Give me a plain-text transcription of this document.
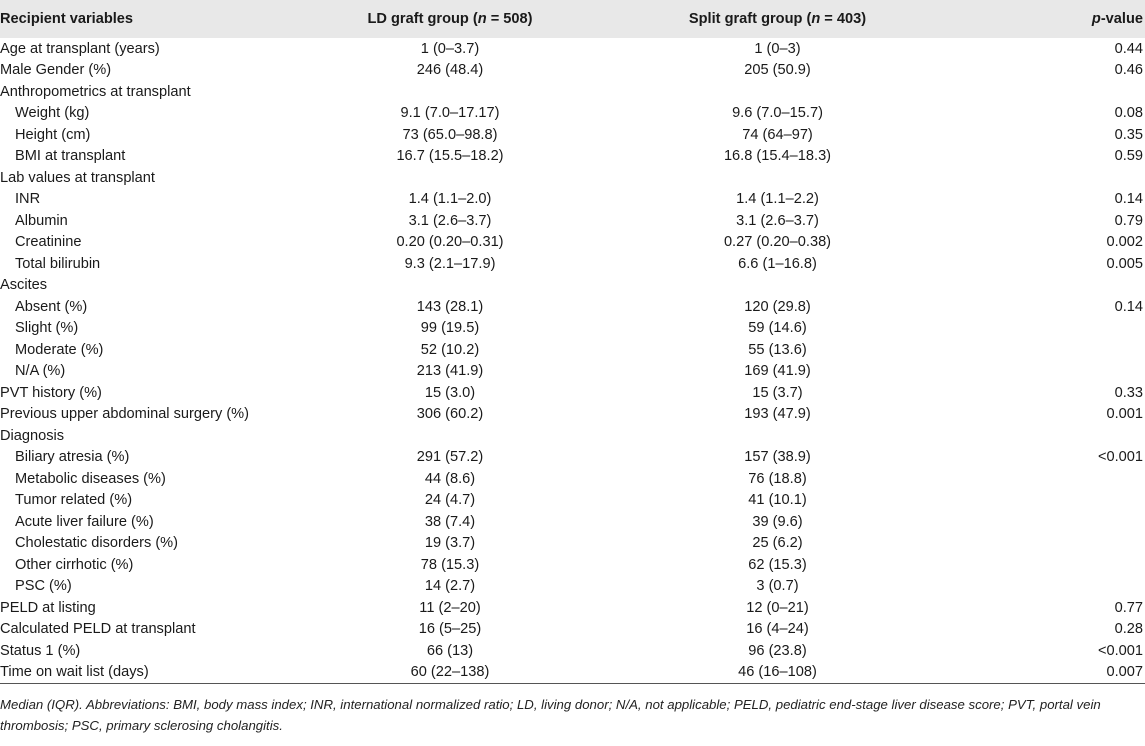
Recipient variables	LD graft group (n = 508)	Split graft group (n = 403)	p-value
Age at transplant (years)	1 (0–3.7)	1 (0–3)	0.44
Male Gender (%)	246 (48.4)	205 (50.9)	0.46
Anthropometrics at transplant			
Weight (kg)	9.1 (7.0–17.17)	9.6 (7.0–15.7)	0.08
Height (cm)	73 (65.0–98.8)	74 (64–97)	0.35
BMI at transplant	16.7 (15.5–18.2)	16.8 (15.4–18.3)	0.59
Lab values at transplant			
INR	1.4 (1.1–2.0)	1.4 (1.1–2.2)	0.14
Albumin	3.1 (2.6–3.7)	3.1 (2.6–3.7)	0.79
Creatinine	0.20 (0.20–0.31)	0.27 (0.20–0.38)	0.002
Total bilirubin	9.3 (2.1–17.9)	6.6 (1–16.8)	0.005
Ascites			
Absent (%)	143 (28.1)	120 (29.8)	0.14
Slight (%)	99 (19.5)	59 (14.6)	
Moderate (%)	52 (10.2)	55 (13.6)	
N/A (%)	213 (41.9)	169 (41.9)	
PVT history (%)	15 (3.0)	15 (3.7)	0.33
Previous upper abdominal surgery (%)	306 (60.2)	193 (47.9)	0.001
Diagnosis			
Biliary atresia (%)	291 (57.2)	157 (38.9)	<0.001
Metabolic diseases (%)	44 (8.6)	76 (18.8)	
Tumor related (%)	24 (4.7)	41 (10.1)	
Acute liver failure (%)	38 (7.4)	39 (9.6)	
Cholestatic disorders (%)	19 (3.7)	25 (6.2)	
Other cirrhotic (%)	78 (15.3)	62 (15.3)	
PSC (%)	14 (2.7)	3 (0.7)	
PELD at listing	11 (2–20)	12 (0–21)	0.77
Calculated PELD at transplant	16 (5–25)	16 (4–24)	0.28
Status 1 (%)	66 (13)	96 (23.8)	<0.001
Time on wait list (days)	60 (22–138)	46 (16–108)	0.007
Median (IQR). Abbreviations: BMI, body mass index; INR, international normalized ratio; LD, living donor; N/A, not applicable; PELD, pediatric end-stage liver disease score; PVT, portal vein thrombosis; PSC, primary sclerosing cholangitis.
